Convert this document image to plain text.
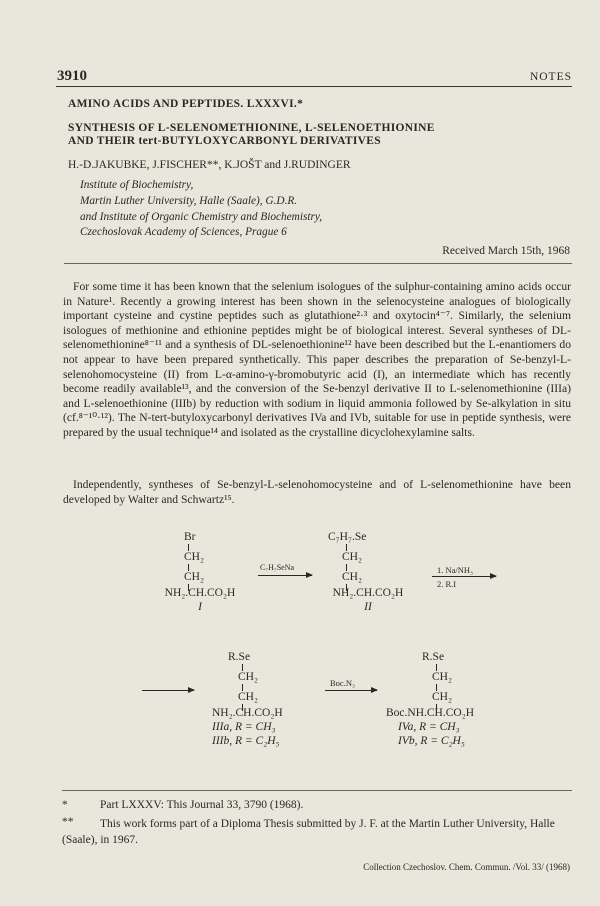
3910	NOTES
AMINO ACIDS AND PEPTIDES. LXXXVI.*
SYNTHESIS OF L-SELENOMETHIONINE, L-SELENOETHIONINE
AND THEIR tert-BUTYLOXYCARBONYL DERIVATIVES
H.-D.JAKUBKE, J.FISCHER**, K.JOŠT and J.RUDINGER
Institute of Biochemistry,
Martin Luther University, Halle (Saale), G.D.R.
and Institute of Organic Chemistry and Biochemistry,
Czechoslovak Academy of Sciences, Prague 6
Received March 15th, 1968

For some time it has been known that the selenium isologues of the sulphur-containing amino acids occur in Nature¹. Recently a growing interest has been shown in the selenocysteine analogues of biologically important cysteine and cystine peptides such as glutathione²·³ and oxytocin⁴⁻⁷. Similarly, the selenium isologues of methionine and ethionine peptides might be of biological interest. Several syntheses of DL-selenomethionine⁸⁻¹¹ and a synthesis of DL-selenoethionine¹² have been described but the L-enantiomers do not appear to have been prepared synthetically. This paper describes the preparation of Se-benzyl-L-selenohomocysteine (II) from L-α-amino-γ-bromobutyric acid (I), an intermediate which has recently become readily available¹³, and the conversion of the Se-benzyl derivative II to L-selenomethionine (IIIa) and L-selenoethionine (IIIb) by reduction with sodium in liquid ammonia followed by Se-alkylation in situ (cf.⁸⁻¹⁰·¹²). The N-tert-butyloxycarbonyl derivatives IVa and IVb, suitable for use in peptide synthesis, were prepared by the usual technique¹⁴ and isolated as the crystalline dicyclohexylamine salts.

Independently, syntheses of Se-benzyl-L-selenohomocysteine and of L-selenomethionine have been developed by Walter and Schwartz¹⁵.

Br
CH₂
CH₂
NH₂.CH.CO₂H
I
C₇H₇SeNa
C₇H₇.Se
CH₂
CH₂
NH₂.CH.CO₂H
II
1. Na/NH₃
2. R.I
R.Se
CH₂
CH₂
NH₂.CH.CO₂H
IIIa, R = CH₃
IIIb, R = C₂H₅
Boc.N₃
R.Se
CH₂
CH₂
Boc.NH.CH.CO₂H
IVa, R = CH₃
IVb, R = C₂H₅
*	Part LXXXV: This Journal 33, 3790 (1968).
**	This work forms part of a Diploma Thesis submitted by J. F. at the Martin Luther University, Halle (Saale), in 1967.
Collection Czechoslov. Chem. Commun. /Vol. 33/ (1968)
